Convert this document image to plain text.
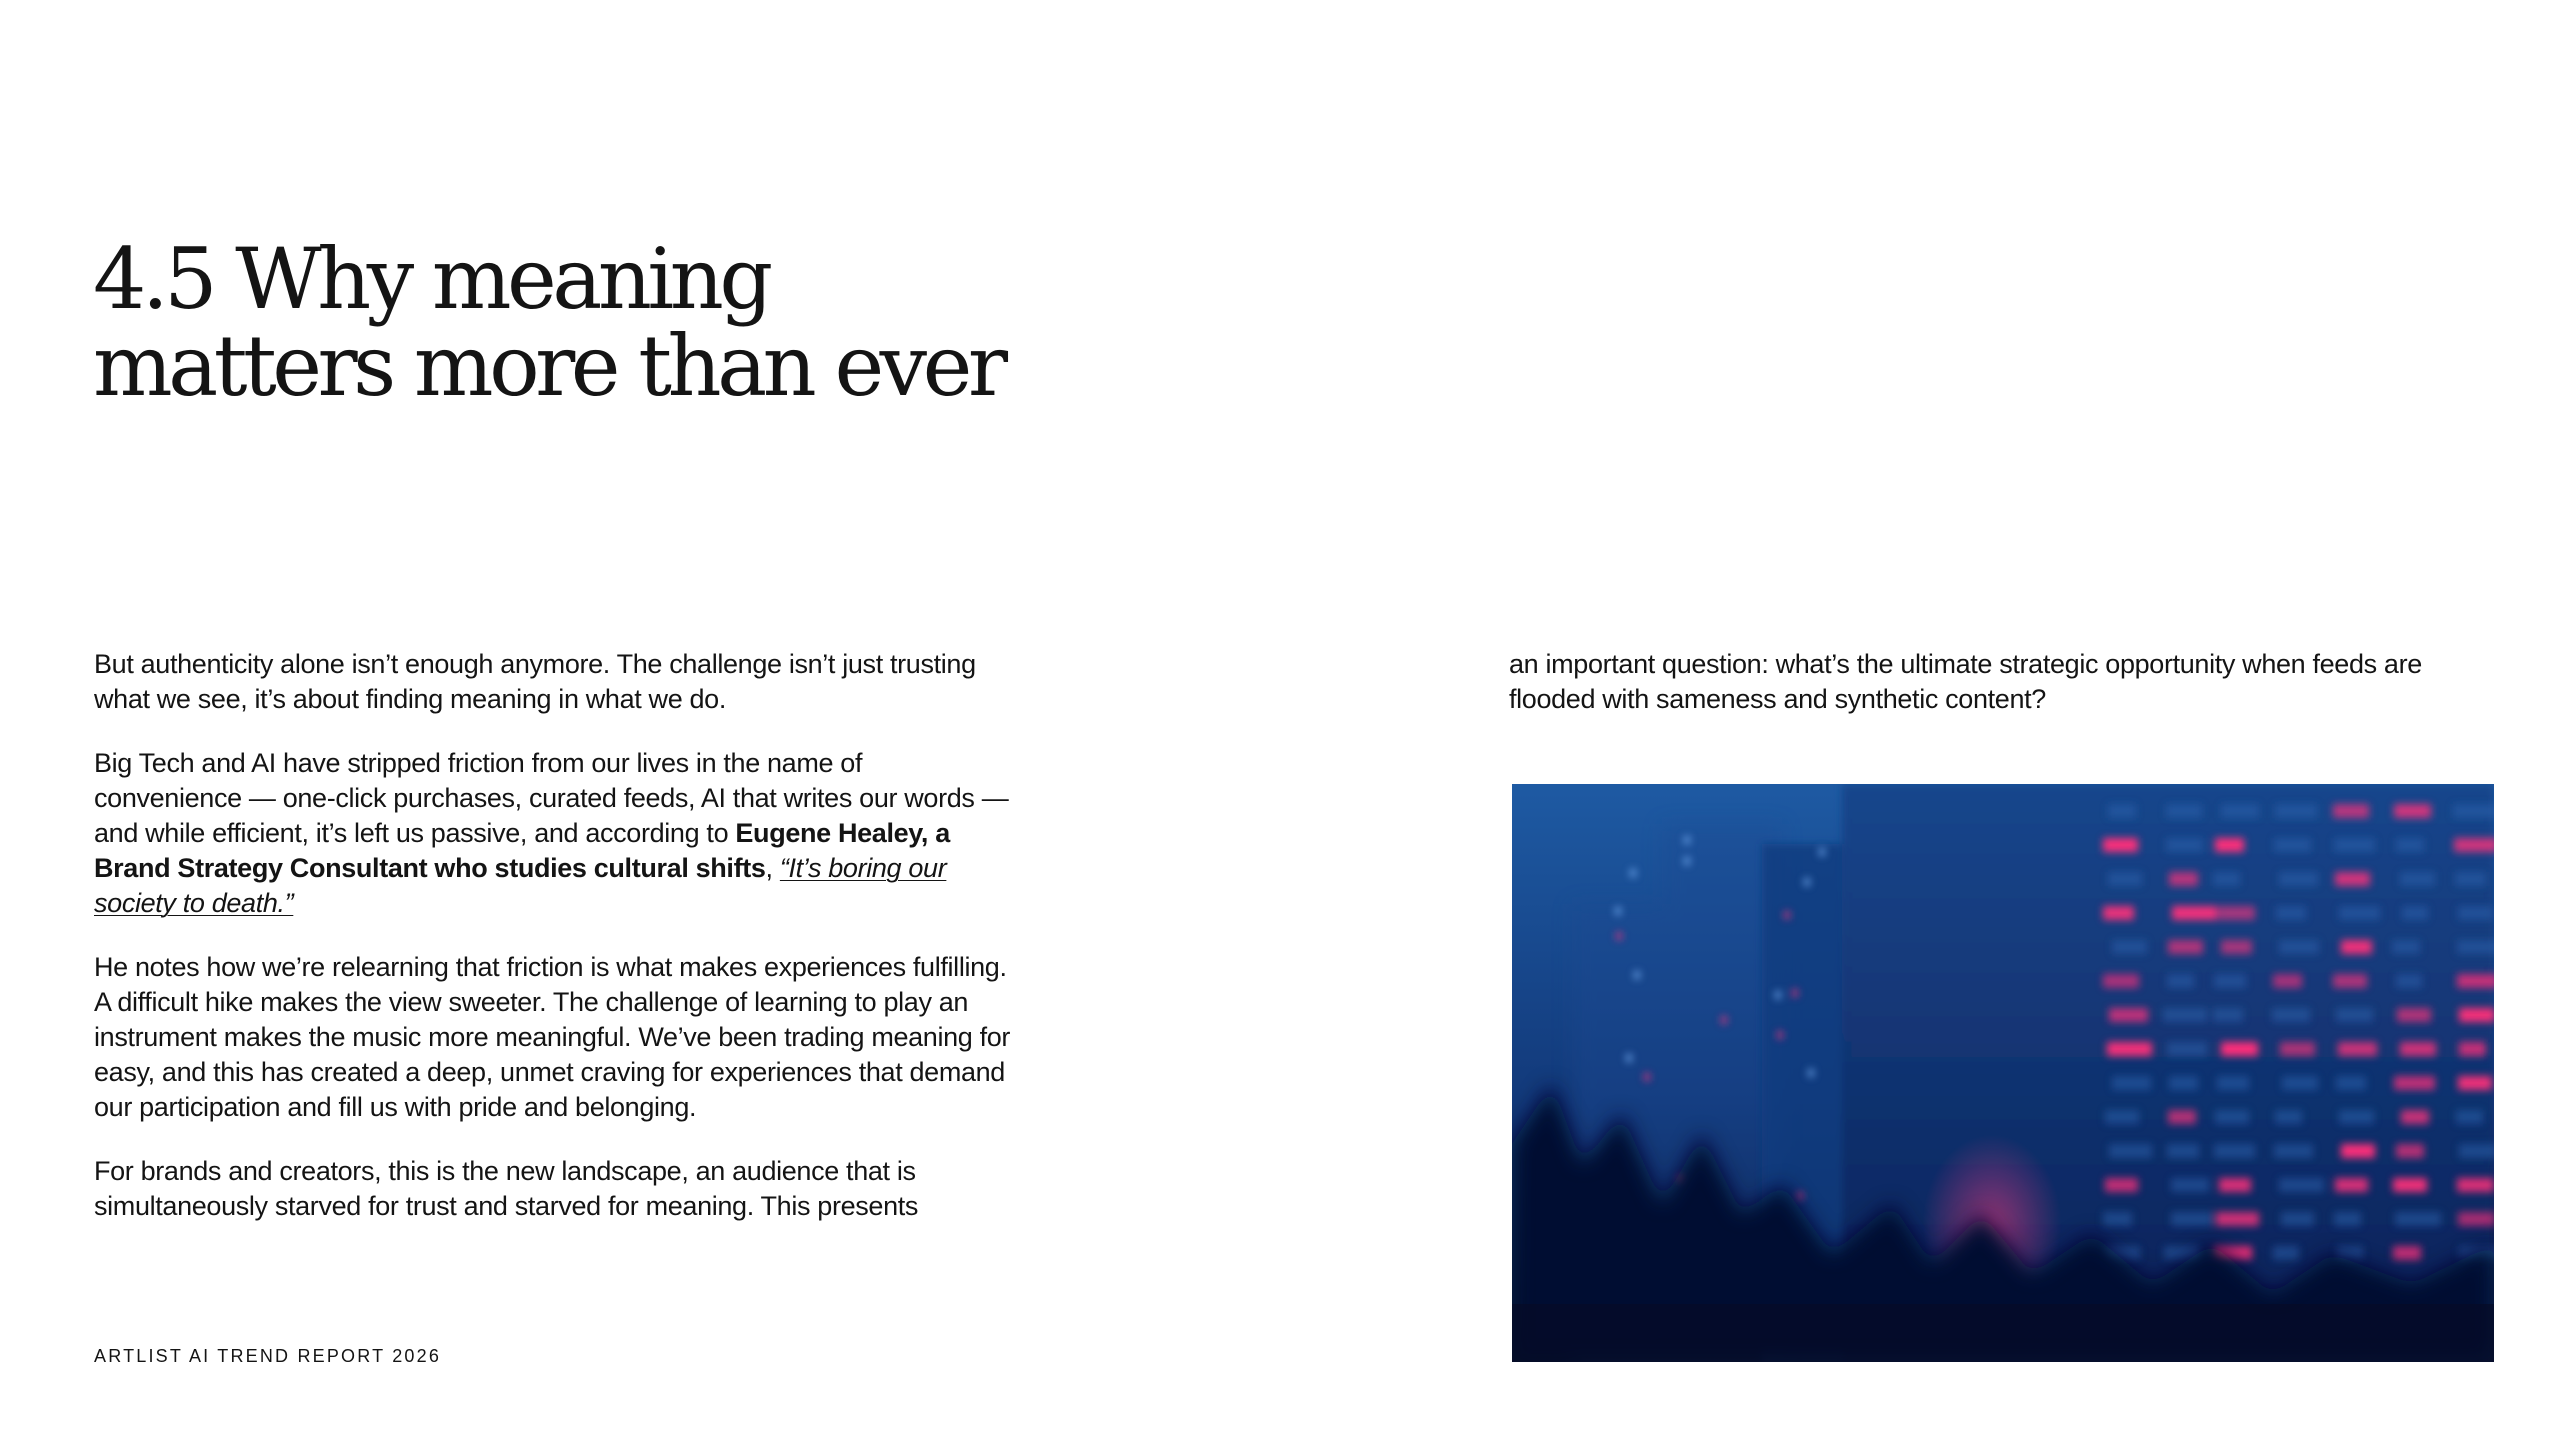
4.5 Why meaning
matters more than ever

But authenticity alone isn’t enough anymore. The challenge isn’t just trusting what we see, it’s about finding meaning in what we do.

Big Tech and AI have stripped friction from our lives in the name of convenience — one-click purchases, curated feeds, AI that writes our words — and while efficient, it’s left us passive, and according to Eugene Healey, a Brand Strategy Consultant who studies cultural shifts, “It’s boring our society to death.”

He notes how we’re relearning that friction is what makes experiences fulfilling. A difficult hike makes the view sweeter. The challenge of learning to play an instrument makes the music more meaningful. We’ve been trading meaning for easy, and this has created a deep, unmet craving for experiences that demand our participation and fill us with pride and belonging.

For brands and creators, this is the new landscape, an audience that is simultaneously starved for trust and starved for meaning. This presents

an important question: what’s the ultimate strategic opportunity when feeds are flooded with sameness and synthetic content?

ARTLIST AI TREND REPORT 2026
